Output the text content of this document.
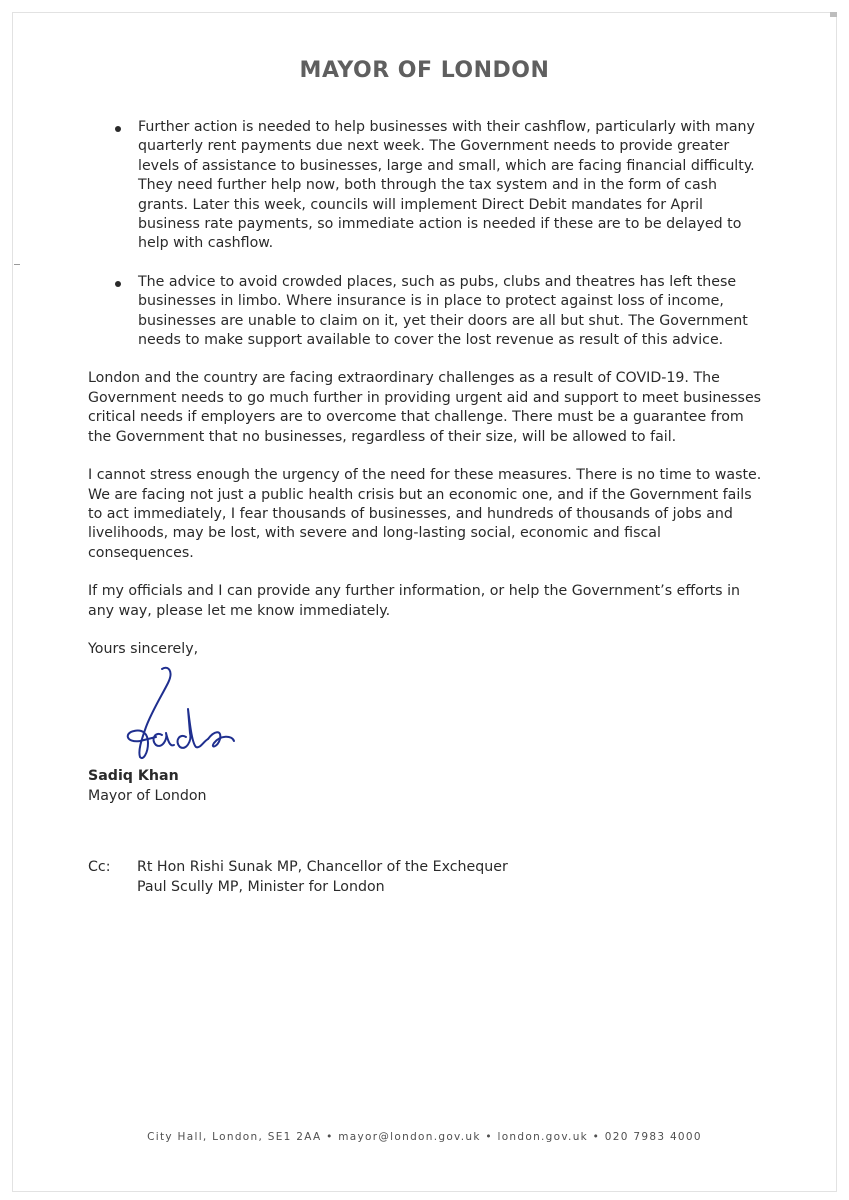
MAYOR OF LONDON
Further action is needed to help businesses with their cashflow, particularly with many quarterly rent payments due next week. The Government needs to provide greater levels of assistance to businesses, large and small, which are facing financial difficulty. They need further help now, both through the tax system and in the form of cash grants. Later this week, councils will implement Direct Debit mandates for April business rate payments, so immediate action is needed if these are to be delayed to help with cashflow.
The advice to avoid crowded places, such as pubs, clubs and theatres has left these businesses in limbo. Where insurance is in place to protect against loss of income, businesses are unable to claim on it, yet their doors are all but shut. The Government needs to make support available to cover the lost revenue as result of this advice.

London and the country are facing extraordinary challenges as a result of COVID-19. The Government needs to go much further in providing urgent aid and support to meet businesses critical needs if employers are to overcome that challenge. There must be a guarantee from the Government that no businesses, regardless of their size, will be allowed to fail.

I cannot stress enough the urgency of the need for these measures. There is no time to waste. We are facing not just a public health crisis but an economic one, and if the Government fails to act immediately, I fear thousands of businesses, and hundreds of thousands of jobs and livelihoods, may be lost, with severe and long-lasting social, economic and fiscal consequences.

If my officials and I can provide any further information, or help the Government’s efforts in any way, please let me know immediately.

Yours sincerely,

Sadiq Khan

Mayor of London

Cc:	Rt Hon Rishi Sunak MP, Chancellor of the Exchequer

Paul Scully MP, Minister for London

City Hall, London, SE1 2AA • mayor@london.gov.uk • london.gov.uk • 020 7983 4000
